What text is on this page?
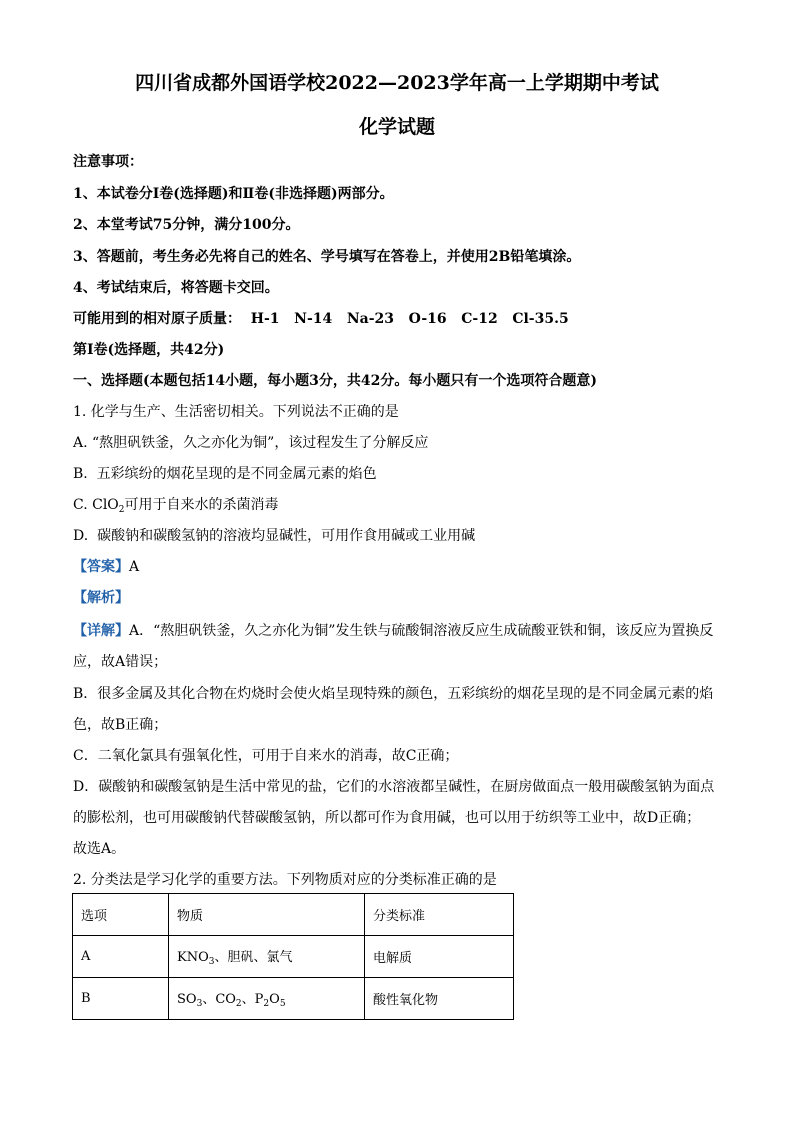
四川省成都外国语学校2022—2023学年高一上学期期中考试
化学试题
注意事项：
1、本试卷分Ⅰ卷(选择题)和Ⅱ卷(非选择题)两部分。
2、本堂考试75分钟，满分100分。
3、答题前，考生务必先将自己的姓名、学号填写在答卷上，并使用2B铅笔填涂。
4、考试结束后，将答题卡交回。
可能用到的相对原子质量：  H-1   N-14   Na-23   O-16   C-12   Cl-35.5
第Ⅰ卷(选择题，共42分)
一、选择题(本题包括14小题，每小题3分，共42分。每小题只有一个选项符合题意)
1. 化学与生产、生活密切相关。下列说法不正确的是
A. “熬胆矾铁釜，久之亦化为铜”，该过程发生了分解反应
B.  五彩缤纷的烟花呈现的是不同金属元素的焰色
C. ClO$_2$可用于自来水的杀菌消毒
D.  碳酸钠和碳酸氢钠的溶液均显碱性，可用作食用碱或工业用碱
【答案】A
【解析】
【详解】A．“熬胆矾铁釜，久之亦化为铜”发生铁与硫酸铜溶液反应生成硫酸亚铁和铜，该反应为置换反
应，故A错误；
B．很多金属及其化合物在灼烧时会使火焰呈现特殊的颜色，五彩缤纷的烟花呈现的是不同金属元素的焰
色，故B正确；
C．二氧化氯具有强氧化性，可用于自来水的消毒，故C正确；
D．碳酸钠和碳酸氢钠是生活中常见的盐，它们的水溶液都呈碱性，在厨房做面点一般用碳酸氢钠为面点
的膨松剂，也可用碳酸钠代替碳酸氢钠，所以都可作为食用碱，也可以用于纺织等工业中，故D正确；
故选A。
2. 分类法是学习化学的重要方法。下列物质对应的分类标准正确的是
选项	物质	分类标准
A	$KNO_3$、胆矾、氯气	电解质
B	$SO_3$、$CO_2$、$P_2O_5$	酸性氧化物
